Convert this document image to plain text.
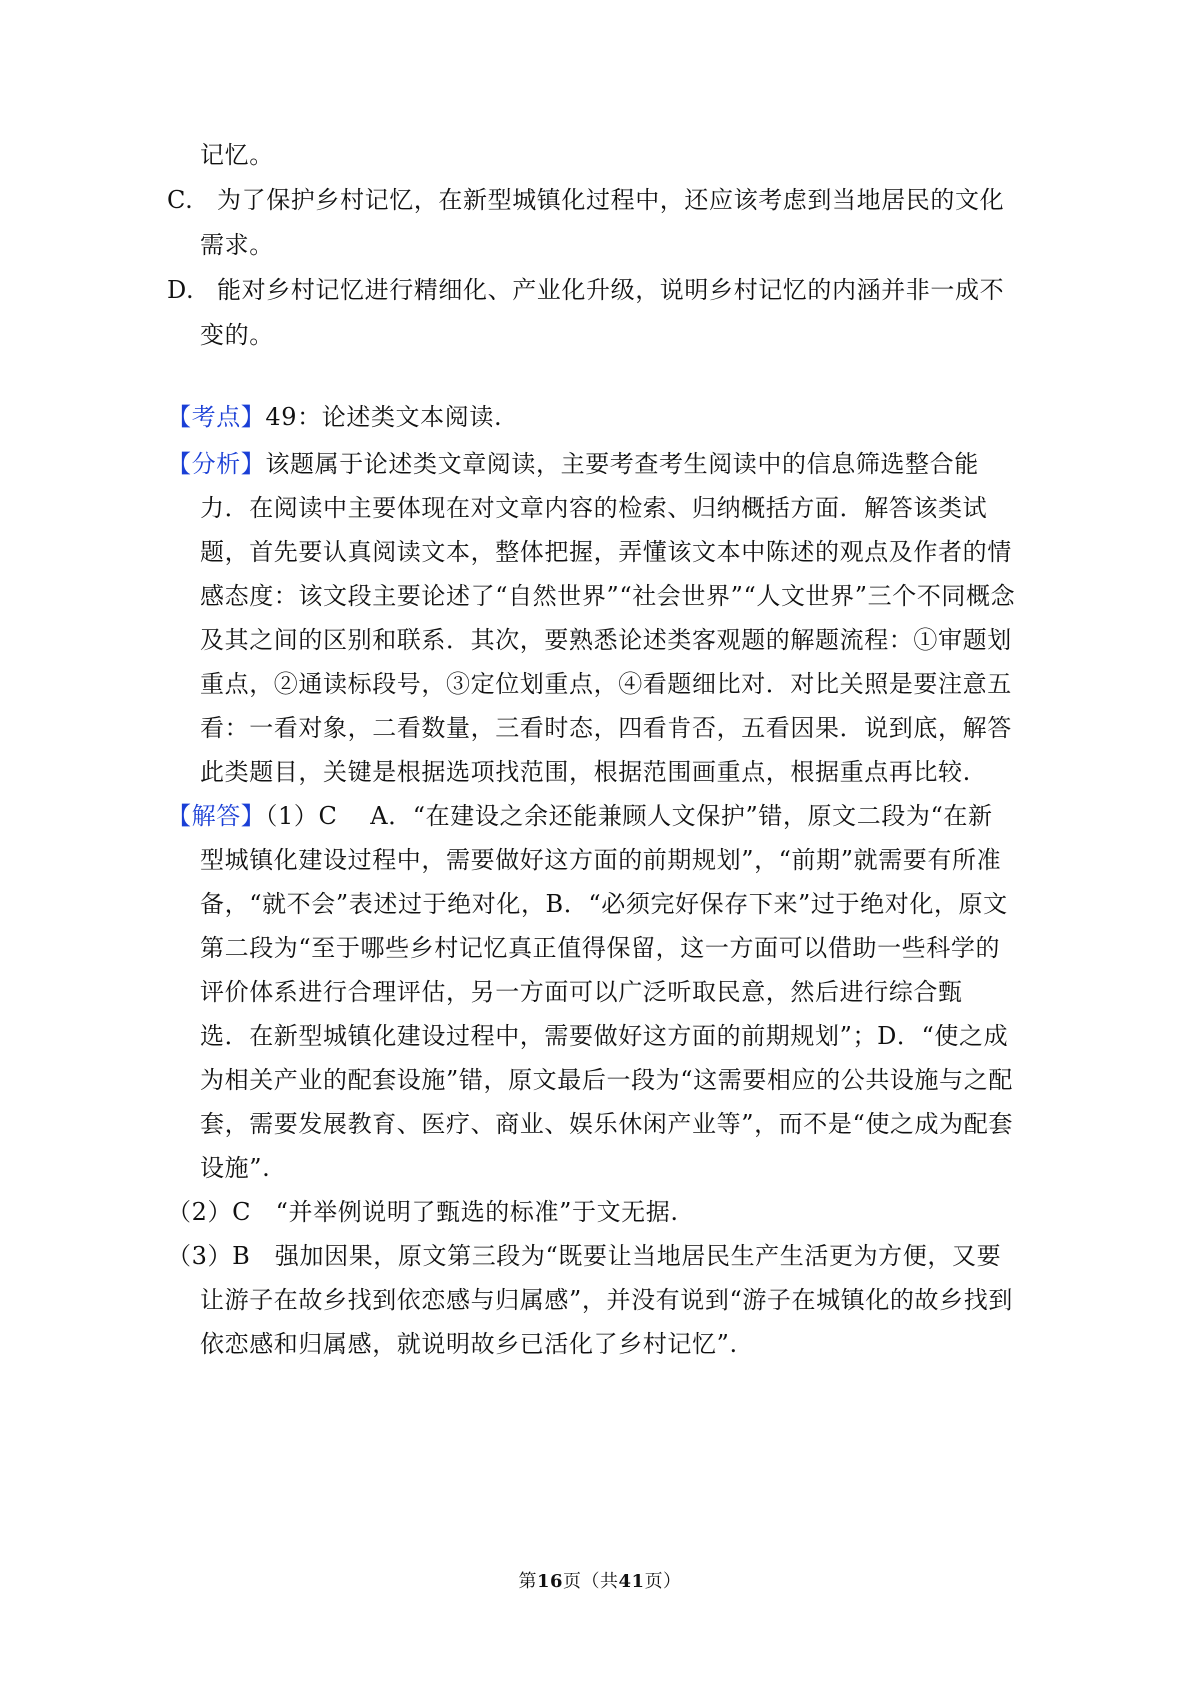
记忆。
C. 为了保护乡村记忆，在新型城镇化过程中，还应该考虑到当地居民的文化
需求。
D. 能对乡村记忆进行精细化、产业化升级，说明乡村记忆的内涵并非一成不
变的。
【考点】49：论述类文本阅读.
【分析】该题属于论述类文章阅读，主要考查考生阅读中的信息筛选整合能
力．在阅读中主要体现在对文章内容的检索、归纳概括方面．解答该类试
题，首先要认真阅读文本，整体把握，弄懂该文本中陈述的观点及作者的情
感态度：该文段主要论述了“自然世界”“社会世界”“人文世界”三个不同概念
及其之间的区别和联系．其次，要熟悉论述类客观题的解题流程：①审题划
重点，②通读标段号，③定位划重点，④看题细比对．对比关照是要注意五
看：一看对象，二看数量，三看时态，四看肯否，五看因果．说到底，解答
此类题目，关键是根据选项找范围，根据范围画重点，根据重点再比较.
【解答】（1）C　 A．“在建设之余还能兼顾人文保护”错，原文二段为“在新
型城镇化建设过程中，需要做好这方面的前期规划”，“前期”就需要有所准
备，“就不会”表述过于绝对化，B．“必须完好保存下来”过于绝对化，原文
第二段为“至于哪些乡村记忆真正值得保留，这一方面可以借助一些科学的
评价体系进行合理评估，另一方面可以广泛听取民意，然后进行综合甄
选．在新型城镇化建设过程中，需要做好这方面的前期规划”；D．“使之成
为相关产业的配套设施”错，原文最后一段为“这需要相应的公共设施与之配
套，需要发展教育、医疗、商业、娱乐休闲产业等”，而不是“使之成为配套
设施”.
（2）C　“并举例说明了甄选的标准”于文无据.
（3）B　强加因果，原文第三段为“既要让当地居民生产生活更为方便，又要
让游子在故乡找到依恋感与归属感”，并没有说到“游子在城镇化的故乡找到
依恋感和归属感，就说明故乡已活化了乡村记忆”.
第16页（共41页）
